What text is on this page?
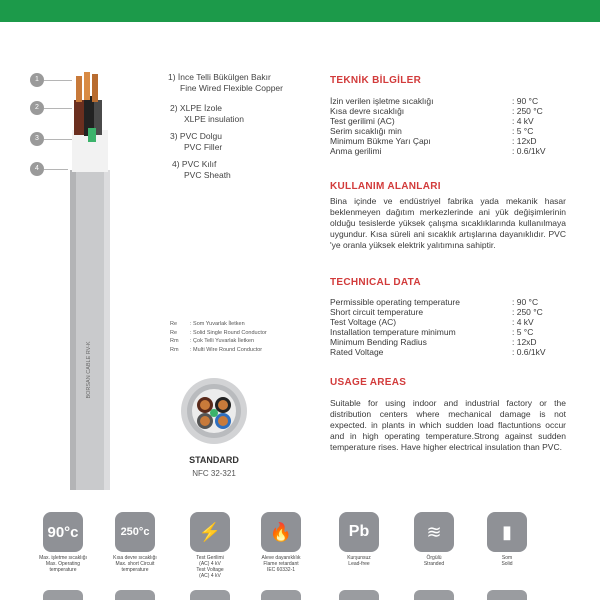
BORSAN CABLE RV-K
1
2
3
4
1) İnce Telli Bükülgen Bakır
Fine Wired Flexible Copper
2) XLPE İzole
XLPE insulation
3) PVC Dolgu
PVC Filler
4) PVC Kılıf
PVC Sheath
Re : Som Yuvarlak İletken
Re : Solid Single Round Conductor
Rm : Çok Telli Yuvarlak İletken
Rm : Multi Wire Round Conductor
STANDARD
NFC 32-321
TEKNİK BİLGİLER
İzin verilen işletme sıcaklığı	: 90 °C
Kısa devre sıcaklığı	: 250 °C
Test gerilimi (AC)	: 4 kV
Serim sıcaklığı min	: 5 °C
Minimum Bükme Yarı Çapı	: 12xD
Anma gerilimi	: 0.6/1kV
KULLANIM ALANLARI
Bina içinde ve endüstriyel fabrika yada mekanik hasar beklenmeyen dağıtım merkezlerinde ani yük değişimlerinin olduğu tesislerde yüksek çalışma sıcaklıklarında kullanılmaya uygundur. Kısa süreli ani sıcaklık artışlarına dayanıklıdır. PVC 'ye oranla yüksek elektrik yalıtımına sahiptir.
TECHNICAL DATA
Permissible operating temperature	: 90 °C
Short circuit temperature	: 250 °C
Test Voltage (AC)	: 4 kV
Installation temperature minimum	: 5 °C
Minimum Bending Radius	: 12xD
Rated Voltage	: 0.6/1kV
USAGE AREAS
Suitable for using indoor and industrial factory or the distribution centers where mechanical damage is not expected. in plants in which sudden load flactuntions occur and in high operating temperature.Strong against sudden temperature rises. Have higher electrical insulation than PVC.
90°c
Max. işletme sıcaklığı
Max. Operating
temperature
250°c
Kısa devre sıcaklığı
Max. short Circuit
temperature
⚡
Test Gerilimi
(AC) 4 kV
Test Voltage
(AC) 4 kV
🔥
Aleve dayanıklılık
Flame retardant
IEC 60332-1
Pb
Kurşunsuz
Lead-free
≋
Örgülü
Stranded
▮
Som
Solid
